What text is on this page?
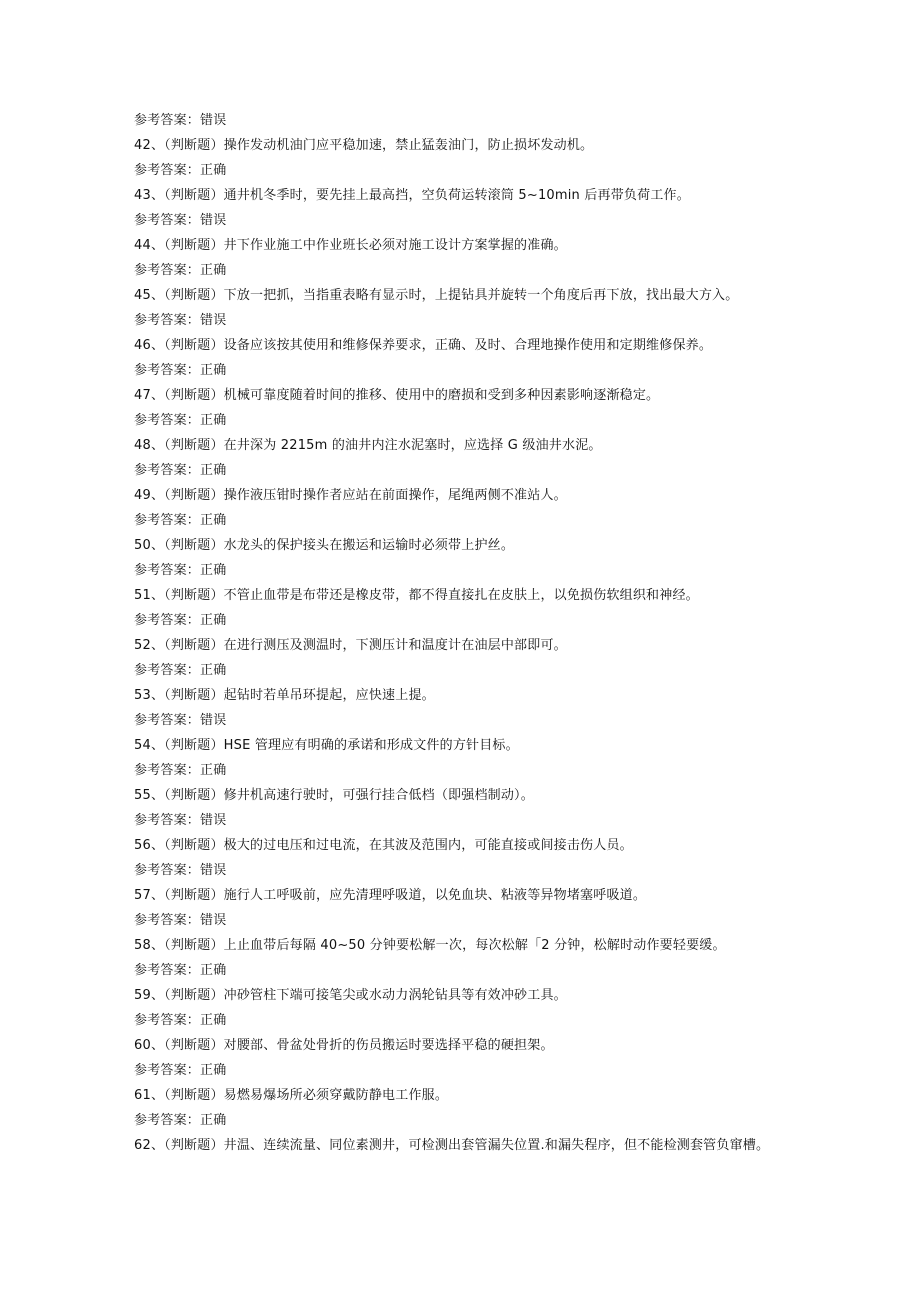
参考答案：错误
42、（判断题）操作发动机油门应平稳加速，禁止猛轰油门，防止损坏发动机。
参考答案：正确
43、（判断题）通井机冬季时，要先挂上最高挡，空负荷运转滚筒 5~10min 后再带负荷工作。
参考答案：错误
44、（判断题）井下作业施工中作业班长必须对施工设计方案掌握的准确。
参考答案：正确
45、（判断题）下放一把抓，当指重表略有显示时，上提钻具并旋转一个角度后再下放，找出最大方入。
参考答案：错误
46、（判断题）设备应该按其使用和维修保养要求，正确、及时、合理地操作使用和定期维修保养。
参考答案：正确
47、（判断题）机械可靠度随着时间的推移、使用中的磨损和受到多种因素影响逐渐稳定。
参考答案：正确
48、（判断题）在井深为 2215m 的油井内注水泥塞时，应选择 G 级油井水泥。
参考答案：正确
49、（判断题）操作液压钳时操作者应站在前面操作，尾绳两侧不准站人。
参考答案：正确
50、（判断题）水龙头的保护接头在搬运和运输时必须带上护丝。
参考答案：正确
51、（判断题）不管止血带是布带还是橡皮带，都不得直接扎在皮肤上，以免损伤软组织和神经。
参考答案：正确
52、（判断题）在进行测压及测温时，下测压计和温度计在油层中部即可。
参考答案：正确
53、（判断题）起钻时若单吊环提起，应快速上提。
参考答案：错误
54、（判断题）HSE 管理应有明确的承诺和形成文件的方针目标。
参考答案：正确
55、（判断题）修井机高速行驶时，可强行挂合低档（即强档制动）。
参考答案：错误
56、（判断题）极大的过电压和过电流，在其波及范围内，可能直接或间接击伤人员。
参考答案：错误
57、（判断题）施行人工呼吸前，应先清理呼吸道，以免血块、粘液等异物堵塞呼吸道。
参考答案：错误
58、（判断题）上止血带后每隔 40~50 分钟要松解一次，每次松解「2 分钟，松解时动作要轻要缓。
参考答案：正确
59、（判断题）冲砂管柱下端可接笔尖或水动力涡轮钻具等有效冲砂工具。
参考答案：正确
60、（判断题）对腰部、骨盆处骨折的伤员搬运时要选择平稳的硬担架。
参考答案：正确
61、（判断题）易燃易爆场所必须穿戴防静电工作服。
参考答案：正确
62、（判断题）井温、连续流量、同位素测井，可检测出套管漏失位置.和漏失程序，但不能检测套管负窜槽。
